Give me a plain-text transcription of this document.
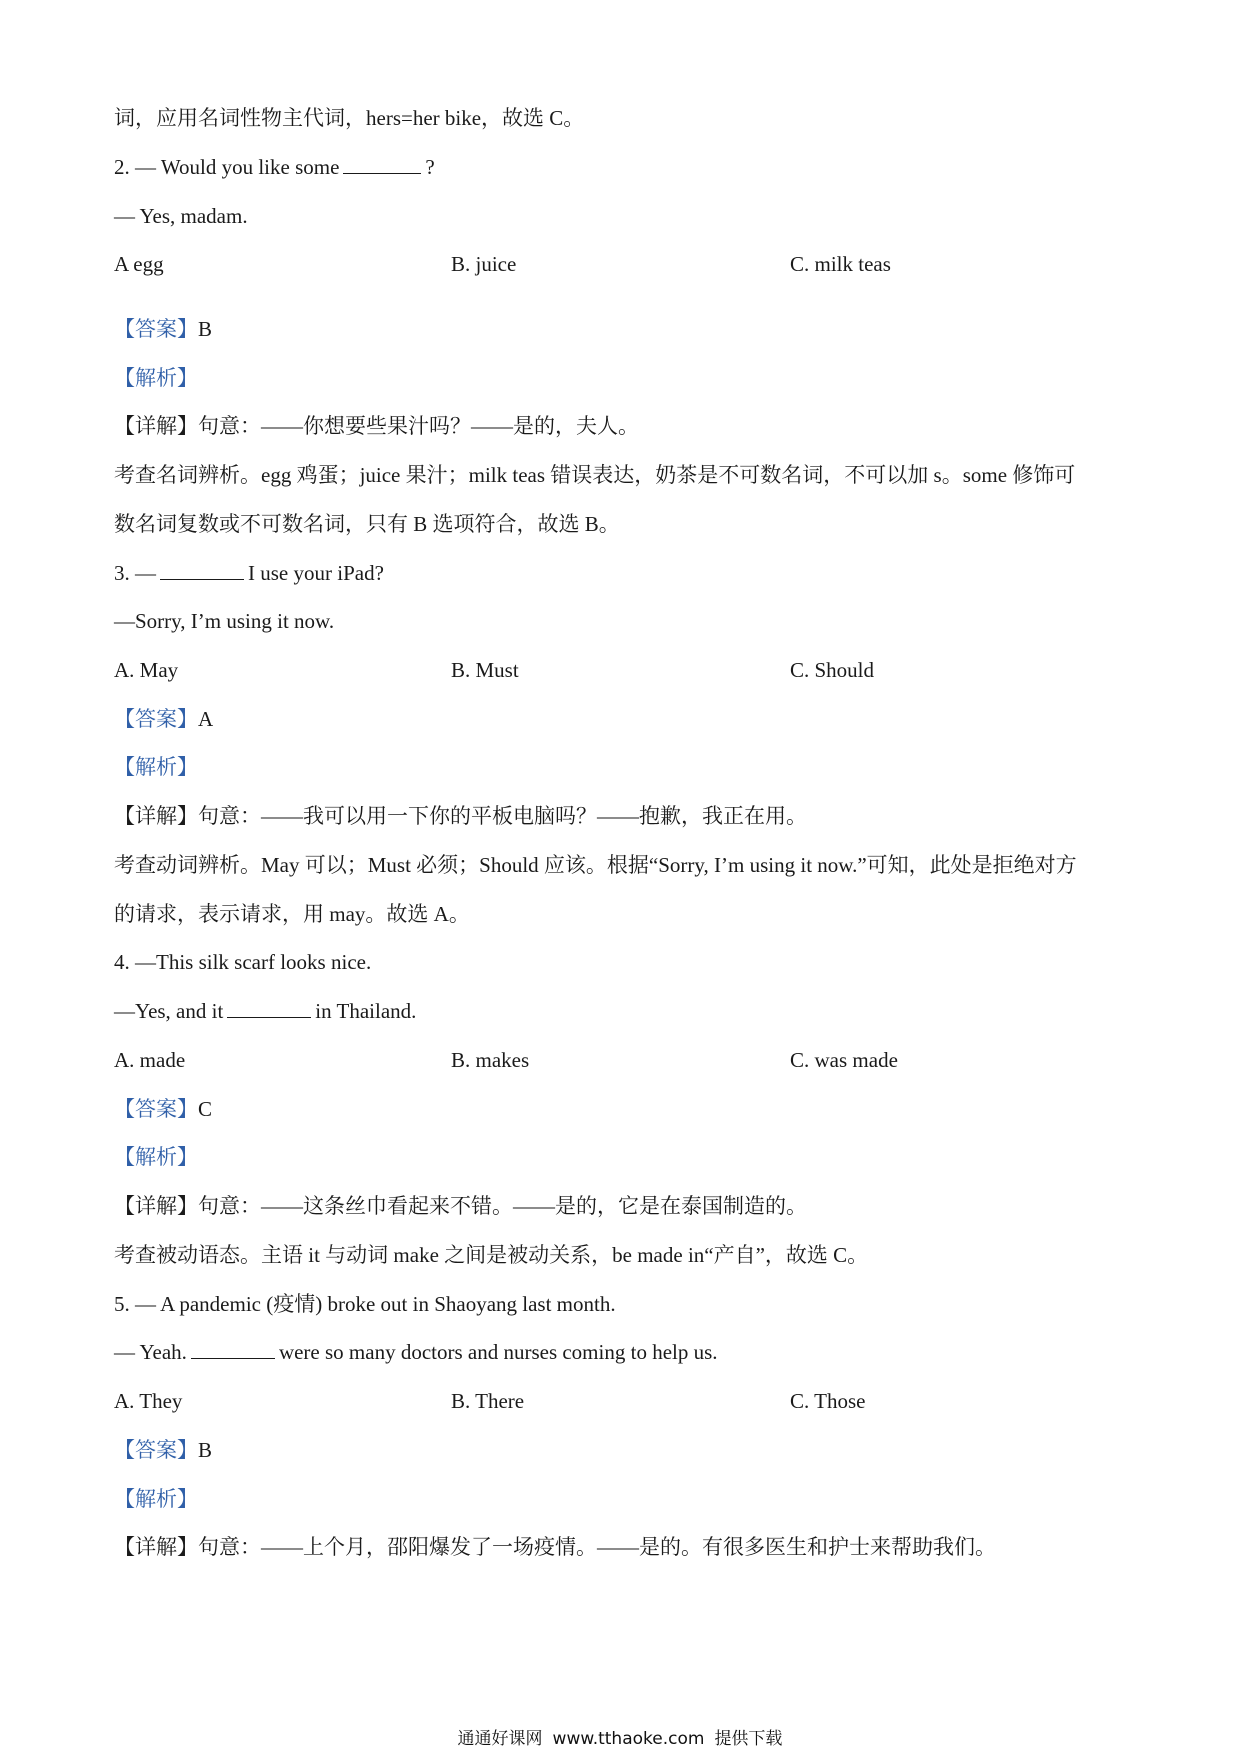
词，应用名词性物主代词，hers=her bike，故选 C。
2. — Would you like some	?
— Yes, madam.
A egg	B. juice	C. milk teas
【答案】B
【解析】
【详解】句意：——你想要些果汁吗？——是的，夫人。
考查名词辨析。egg 鸡蛋；juice 果汁；milk teas 错误表达，奶茶是不可数名词，不可以加 s。some 修饰可
数名词复数或不可数名词，只有 B 选项符合，故选 B。
3. —	I use your iPad?
—Sorry, I’m using it now.
A. May	B. Must	C. Should
【答案】A
【解析】
【详解】句意：——我可以用一下你的平板电脑吗？——抱歉，我正在用。
考查动词辨析。May 可以；Must 必须；Should 应该。根据“Sorry, I’m using it now.”可知，此处是拒绝对方
的请求，表示请求，用 may。故选 A。
4. —This silk scarf looks nice.
—Yes, and it	in Thailand.
A. made	B. makes	C. was made
【答案】C
【解析】
【详解】句意：——这条丝巾看起来不错。——是的，它是在泰国制造的。
考查被动语态。主语 it 与动词 make 之间是被动关系，be made in“产自”，故选 C。
5. — A pandemic (疫情) broke out in Shaoyang last month.
— Yeah.	were so many doctors and nurses coming to help us.
A. They	B. There	C. Those
【答案】B
【解析】
【详解】句意：——上个月，邵阳爆发了一场疫情。——是的。有很多医生和护士来帮助我们。
通通好课网 www.tthaoke.com 提供下载
